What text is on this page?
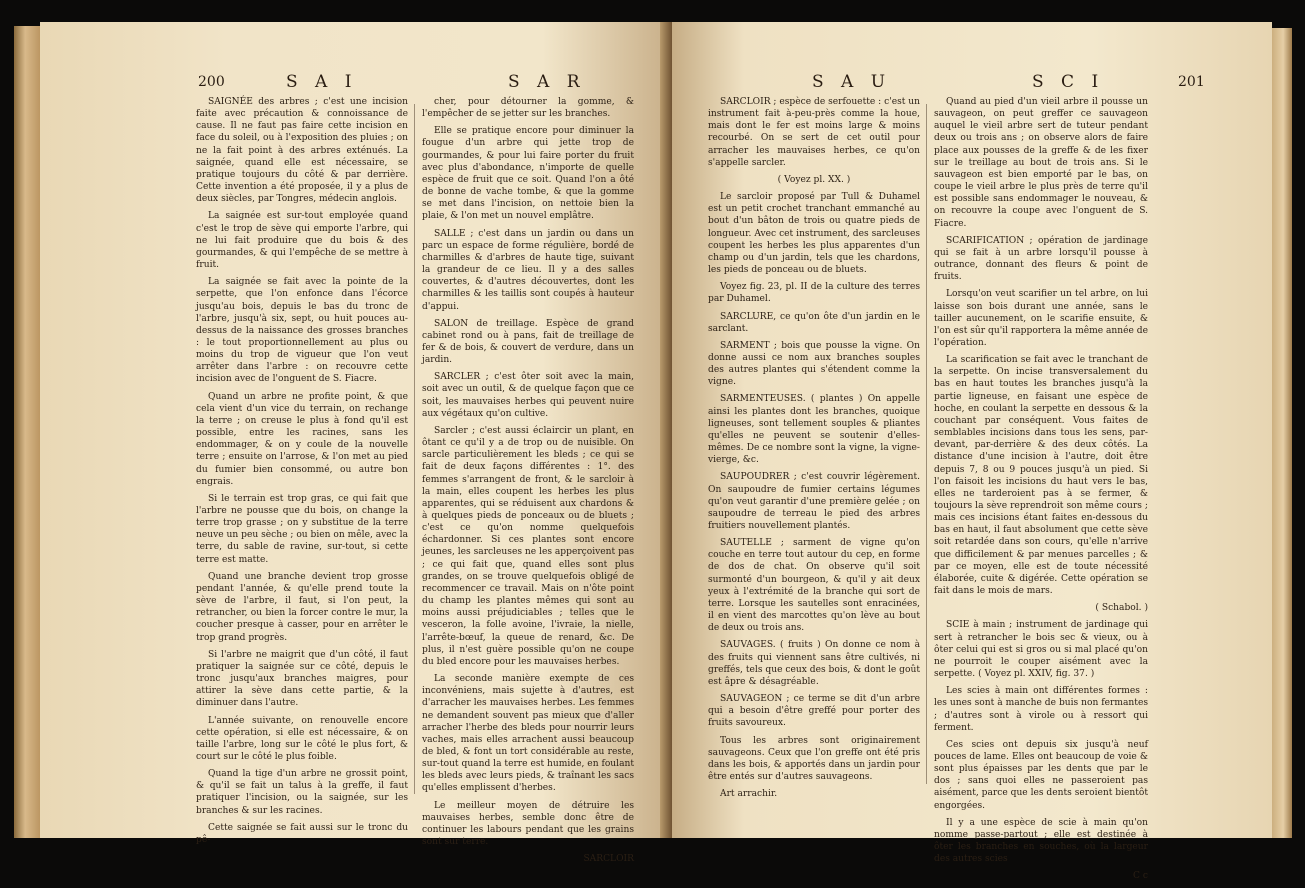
200	S A I	S A R

SAIGNÉE des arbres ; c'est une incision faite avec précaution & connoissance de cause. Il ne faut pas faire cette incision en face du soleil, ou à l'exposition des pluies ; on ne la fait point à des arbres exténués. La saignée, quand elle est nécessaire, se pratique toujours du côté & par derrière. Cette invention a été proposée, il y a plus de deux siècles, par Tongres, médecin anglois.

La saignée est sur-tout employée quand c'est le trop de sève qui emporte l'arbre, qui ne lui fait produire que du bois & des gourmandes, & qui l'empêche de se mettre à fruit.

La saignée se fait avec la pointe de la serpette, que l'on enfonce dans l'écorce jusqu'au bois, depuis le bas du tronc de l'arbre, jusqu'à six, sept, ou huit pouces au-dessus de la naissance des grosses branches : le tout proportionnellement au plus ou moins du trop de vigueur que l'on veut arrêter dans l'arbre : on recouvre cette incision avec de l'onguent de S. Fiacre.

Quand un arbre ne profite point, & que cela vient d'un vice du terrain, on rechange la terre ; on creuse le plus à fond qu'il est possible, entre les racines, sans les endommager, & on y coule de la nouvelle terre ; ensuite on l'arrose, & l'on met au pied du fumier bien consommé, ou autre bon engrais.

Si le terrain est trop gras, ce qui fait que l'arbre ne pousse que du bois, on change la terre trop grasse ; on y substitue de la terre neuve un peu sèche ; ou bien on mêle, avec la terre, du sable de ravine, sur-tout, si cette terre est matte.

Quand une branche devient trop grosse pendant l'année, & qu'elle prend toute la sève de l'arbre, il faut, si l'on peut, la retrancher, ou bien la forcer contre le mur, la coucher presque à casser, pour en arrêter le trop grand progrès.

Si l'arbre ne maigrit que d'un côté, il faut pratiquer la saignée sur ce côté, depuis le tronc jusqu'aux branches maigres, pour attirer la sève dans cette partie, & la diminuer dans l'autre.

L'année suivante, on renouvelle encore cette opération, si elle est nécessaire, & on taille l'arbre, long sur le côté le plus fort, & court sur le côté le plus foible.

Quand la tige d'un arbre ne grossit point, & qu'il se fait un talus à la greffe, il faut pratiquer l'incision, ou la saignée, sur les branches & sur les racines.

Cette saignée se fait aussi sur le tronc du pê-

cher, pour détourner la gomme, & l'empêcher de se jetter sur les branches.

Elle se pratique encore pour diminuer la fougue d'un arbre qui jette trop de gourmandes, & pour lui faire porter du fruit avec plus d'abondance, n'importe de quelle espèce de fruit que ce soit. Quand l'on a ôté de bonne de vache tombe, & que la gomme se met dans l'incision, on nettoie bien la plaie, & l'on met un nouvel emplâtre.

SALLE ; c'est dans un jardin ou dans un parc un espace de forme régulière, bordé de charmilles & d'arbres de haute tige, suivant la grandeur de ce lieu. Il y a des salles couvertes, & d'autres découvertes, dont les charmilles & les taillis sont coupés à hauteur d'appui.

SALON de treillage. Espèce de grand cabinet rond ou à pans, fait de treillage de fer & de bois, & couvert de verdure, dans un jardin.

SARCLER ; c'est ôter soit avec la main, soit avec un outil, & de quelque façon que ce soit, les mauvaises herbes qui peuvent nuire aux végétaux qu'on cultive.

Sarcler ; c'est aussi éclaircir un plant, en ôtant ce qu'il y a de trop ou de nuisible. On sarcle particulièrement les bleds ; ce qui se fait de deux façons différentes : 1°. des femmes s'arrangent de front, & le sarcloir à la main, elles coupent les herbes les plus apparentes, qui se réduisent aux chardons & à quelques pieds de ponceaux ou de bluets ; c'est ce qu'on nomme quelquefois échardonner. Si ces plantes sont encore jeunes, les sarcleuses ne les apperçoivent pas ; ce qui fait que, quand elles sont plus grandes, on se trouve quelquefois obligé de recommencer ce travail. Mais on n'ôte point du champ les plantes mêmes qui sont au moins aussi préjudiciables ; telles que le vesceron, la folle avoine, l'ivraie, la nielle, l'arrête-bœuf, la queue de renard, &c. De plus, il n'est guère possible qu'on ne coupe du bled encore pour les mauvaises herbes.

La seconde manière exempte de ces inconvéniens, mais sujette à d'autres, est d'arracher les mauvaises herbes. Les femmes ne demandent souvent pas mieux que d'aller arracher l'herbe des bleds pour nourrir leurs vaches, mais elles arrachent aussi beaucoup de bled, & font un tort considérable au reste, sur-tout quand la terre est humide, en foulant les bleds avec leurs pieds, & traînant les sacs qu'elles emplissent d'herbes.

Le meilleur moyen de détruire les mauvaises herbes, semble donc être de continuer les labours pendant que les grains sont sur terre.

SARCLOIR

S A U	S C I	201

SARCLOIR ; espèce de serfouette : c'est un instrument fait à-peu-près comme la houe, mais dont le fer est moins large & moins recourbé. On se sert de cet outil pour arracher les mauvaises herbes, ce qu'on s'appelle sarcler.

( Voyez pl. XX. )

Le sarcloir proposé par Tull & Duhamel est un petit crochet tranchant emmanché au bout d'un bâton de trois ou quatre pieds de longueur. Avec cet instrument, des sarcleuses coupent les herbes les plus apparentes d'un champ ou d'un jardin, tels que les chardons, les pieds de ponceau ou de bluets.

Voyez fig. 23, pl. II de la culture des terres par Duhamel.

SARCLURE, ce qu'on ôte d'un jardin en le sarclant.

SARMENT ; bois que pousse la vigne. On donne aussi ce nom aux branches souples des autres plantes qui s'étendent comme la vigne.

SARMENTEUSES. ( plantes ) On appelle ainsi les plantes dont les branches, quoique ligneuses, sont tellement souples & pliantes qu'elles ne peuvent se soutenir d'elles-mêmes. De ce nombre sont la vigne, la vigne-vierge, &c.

SAUPOUDRER ; c'est couvrir légèrement. On saupoudre de fumier certains légumes qu'on veut garantir d'une première gelée ; on saupoudre de terreau le pied des arbres fruitiers nouvellement plantés.

SAUTELLE ; sarment de vigne qu'on couche en terre tout autour du cep, en forme de dos de chat. On observe qu'il soit surmonté d'un bourgeon, & qu'il y ait deux yeux à l'extrémité de la branche qui sort de terre. Lorsque les sautelles sont enracinées, il en vient des marcottes qu'on lève au bout de deux ou trois ans.

SAUVAGES. ( fruits ) On donne ce nom à des fruits qui viennent sans être cultivés, ni greffés, tels que ceux des bois, & dont le goût est âpre & désagréable.

SAUVAGEON ; ce terme se dit d'un arbre qui a besoin d'être greffé pour porter des fruits savoureux.

Tous les arbres sont originairement sauvageons. Ceux que l'on greffe ont été pris dans les bois, & apportés dans un jardin pour être entés sur d'autres sauvageons.

Art arrachir.

Quand au pied d'un vieil arbre il pousse un sauvageon, on peut greffer ce sauvageon auquel le vieil arbre sert de tuteur pendant deux ou trois ans ; on observe alors de faire place aux pousses de la greffe & de les fixer sur le treillage au bout de trois ans. Si le sauvageon est bien emporté par le bas, on coupe le vieil arbre le plus près de terre qu'il est possible sans endommager le nouveau, & on recouvre la coupe avec l'onguent de S. Fiacre.

SCARIFICATION ; opération de jardinage qui se fait à un arbre lorsqu'il pousse à outrance, donnant des fleurs & point de fruits.

Lorsqu'on veut scarifier un tel arbre, on lui laisse son bois durant une année, sans le tailler aucunement, on le scarifie ensuite, & l'on est sûr qu'il rapportera la même année de l'opération.

La scarification se fait avec le tranchant de la serpette. On incise transversalement du bas en haut toutes les branches jusqu'à la partie ligneuse, en faisant une espèce de hoche, en coulant la serpette en dessous & la couchant par conséquent. Vous faites de semblables incisions dans tous les sens, par-devant, par-derrière & des deux côtés. La distance d'une incision à l'autre, doit être depuis 7, 8 ou 9 pouces jusqu'à un pied. Si l'on faisoit les incisions du haut vers le bas, elles ne tarderoient pas à se fermer, & toujours la sève reprendroit son même cours ; mais ces incisions étant faites en-dessous du bas en haut, il faut absolument que cette sève soit retardée dans son cours, qu'elle n'arrive que difficilement & par menues parcelles ; & par ce moyen, elle est de toute nécessité élaborée, cuite & digérée. Cette opération se fait dans le mois de mars.

( Schabol. )

SCIE à main ; instrument de jardinage qui sert à retrancher le bois sec & vieux, ou à ôter celui qui est si gros ou si mal placé qu'on ne pourroit le couper aisément avec la serpette. ( Voyez pl. XXIV, fig. 37. )

Les scies à main ont différentes formes : les unes sont à manche de buis non fermantes ; d'autres sont à virole ou à ressort qui ferment.

Ces scies ont depuis six jusqu'à neuf pouces de lame. Elles ont beaucoup de voie & sont plus épaisses par les dents que par le dos ; sans quoi elles ne passeroient pas aisément, parce que les dents seroient bientôt engorgées.

Il y a une espèce de scie à main qu'on nomme passe-partout ; elle est destinée à ôter les branches en souches, où la largeur des autres scies

C c
